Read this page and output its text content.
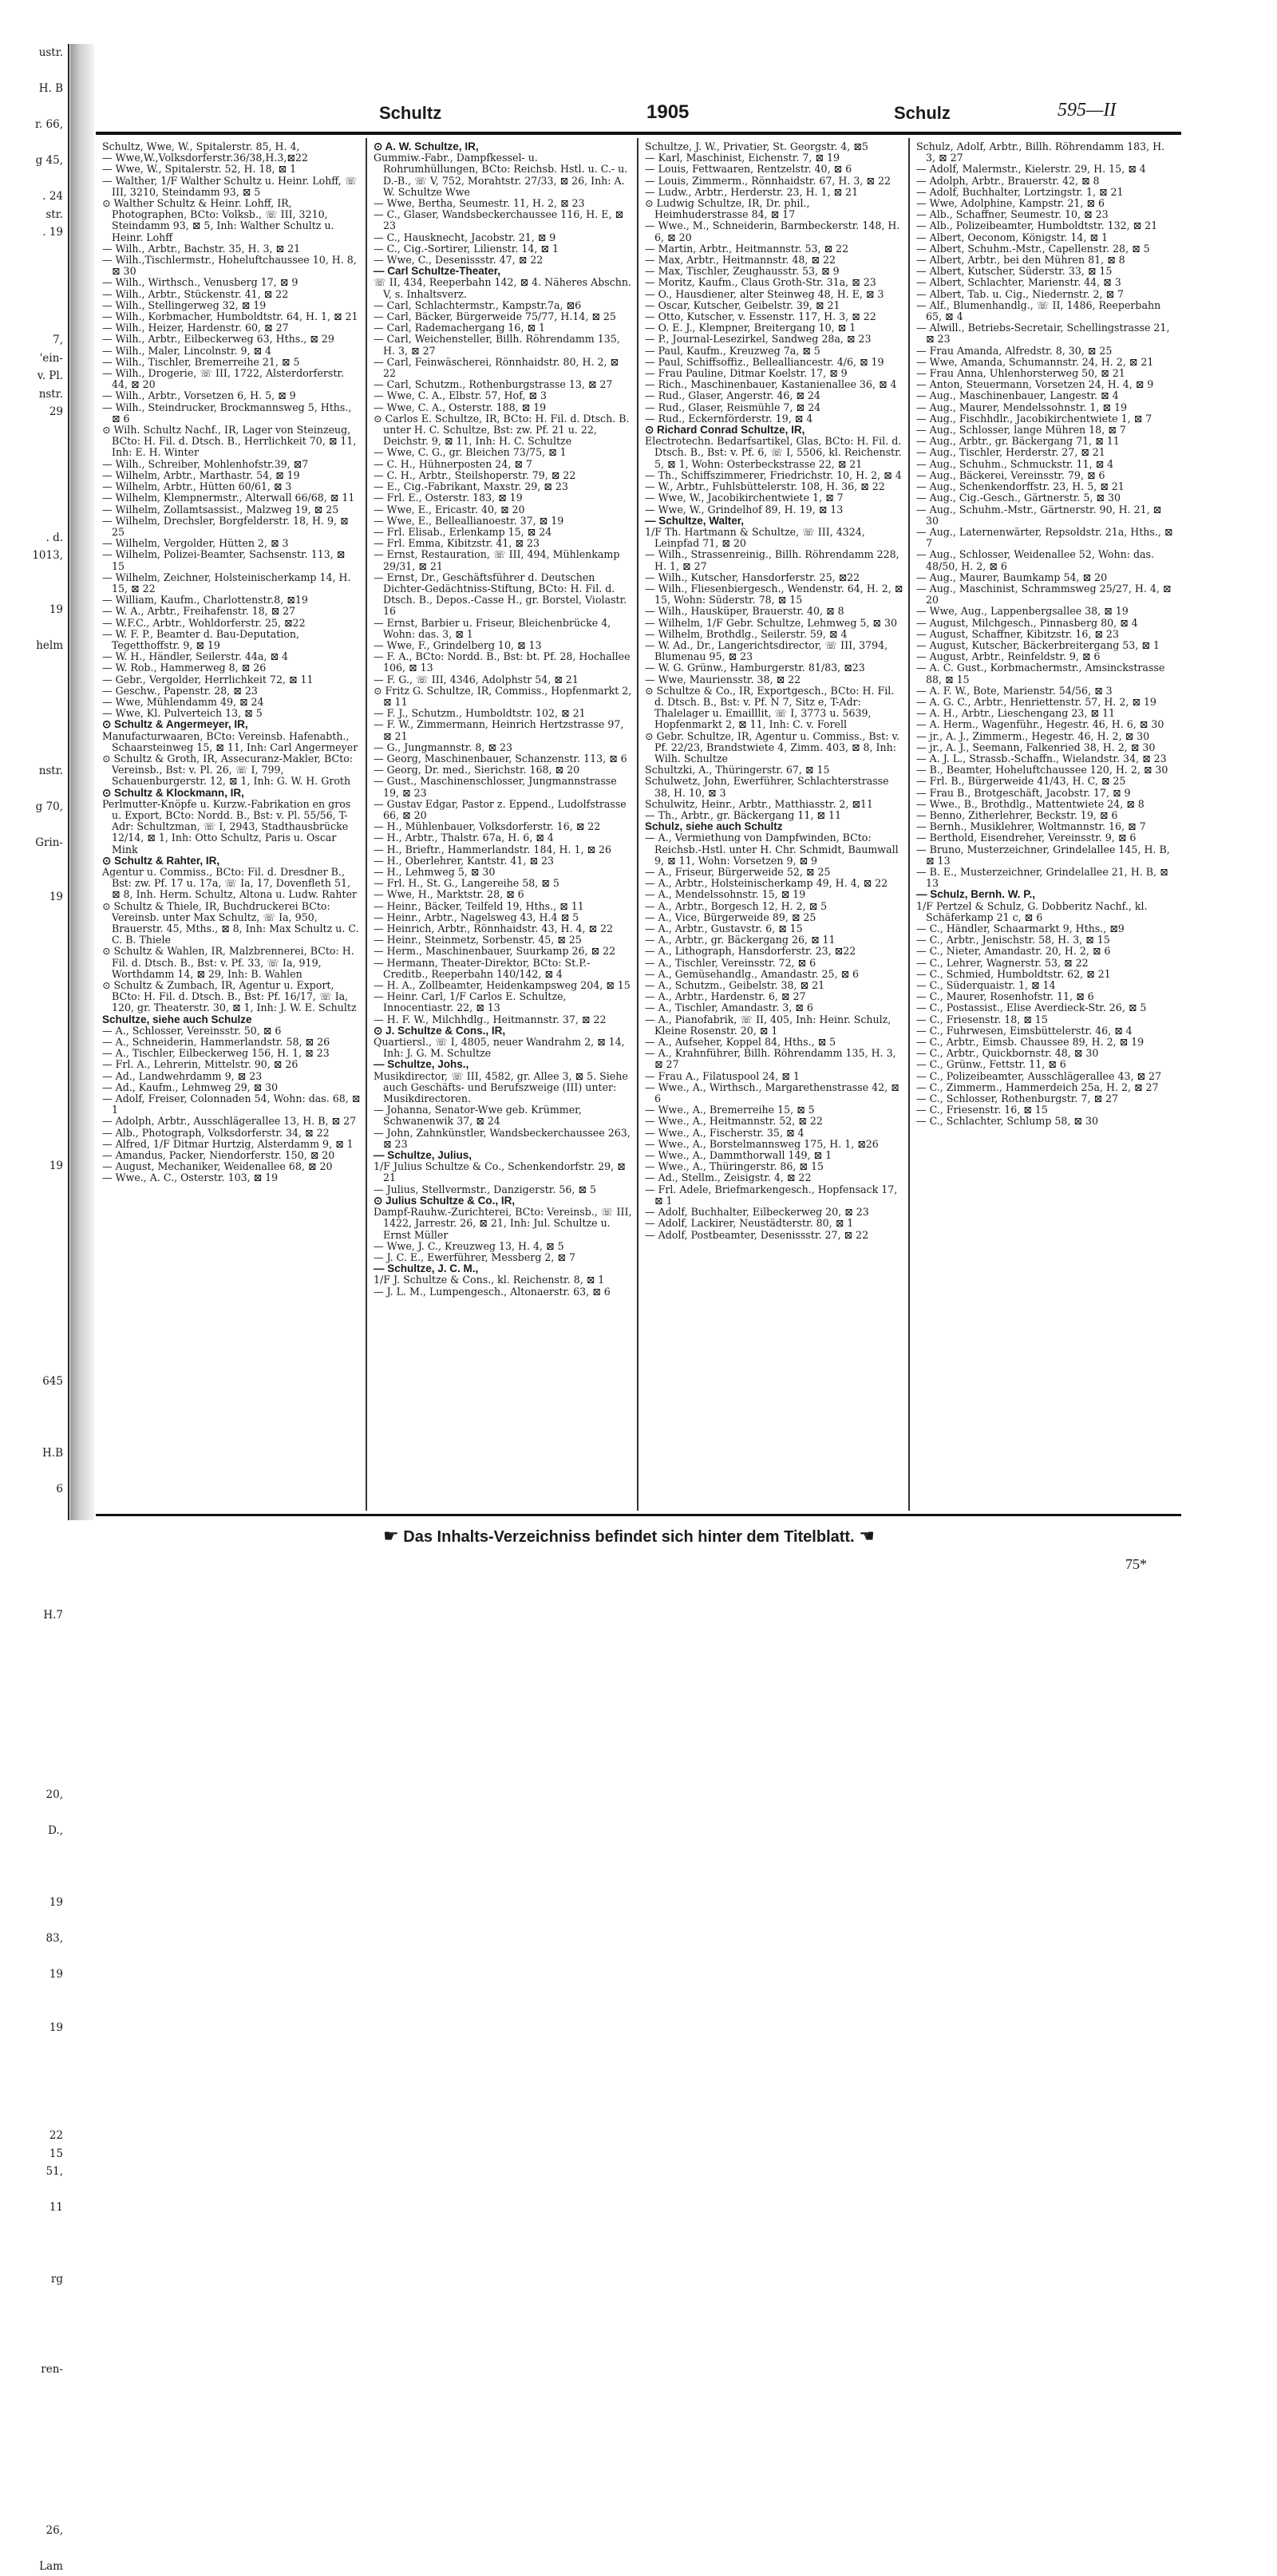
ustr.

H. B

r. 66,

g 45,

. 24
str.
. 19

7,
'ein-
v. Pl.
nstr.
29

. d.
1013,

19

helm

nstr.

g 70,

Grin-

19

19

645

H.B

6

H.7

20,

D.,

19

83,

19

19

22
15
51,

11

rg

ren-

26,

Lam
Schultz	1905	Schulz	595—II

Schultz, Wwe, W., Spitalerstr. 85, H. 4,

— Wwe,W.,Volksdorferstr.36/38,H.3,⊠22

— Wwe, W., Spitalerstr. 52, H. 18, ⊠ 1

— Walther, 1/F Walther Schultz u. Heinr. Lohff, ☏ III, 3210, Steindamm 93, ⊠ 5

⊙ Walther Schultz & Heinr. Lohff, IR, Photographen, BCto: Volksb., ☏ III, 3210, Steindamm 93, ⊠ 5, Inh: Walther Schultz u. Heinr. Lohff

— Wilh., Arbtr., Bachstr. 35, H. 3, ⊠ 21

— Wilh.,Tischlermstr., Hoheluftchaussee 10, H. 8, ⊠ 30

— Wilh., Wirthsch., Venusberg 17, ⊠ 9

— Wilh., Arbtr., Stückenstr. 41, ⊠ 22

— Wilh., Stellingerweg 32, ⊠ 19

— Wilh., Korbmacher, Humboldtstr. 64, H. 1, ⊠ 21

— Wilh., Heizer, Hardenstr. 60, ⊠ 27

— Wilh., Arbtr., Eilbeckerweg 63, Hths., ⊠ 29

— Wilh., Maler, Lincolnstr. 9, ⊠ 4

— Wilh., Tischler, Bremerreihe 21, ⊠ 5

— Wilh., Drogerie, ☏ III, 1722, Alsterdorferstr. 44, ⊠ 20

— Wilh., Arbtr., Vorsetzen 6, H. 5, ⊠ 9

— Wilh., Steindrucker, Brockmannsweg 5, Hths., ⊠ 6

⊙ Wilh. Schultz Nachf., IR, Lager von Steinzeug, BCto: H. Fil. d. Dtsch. B., Herrlichkeit 70, ⊠ 11, Inh: E. H. Winter

— Wilh., Schreiber, Mohlenhofstr.39, ⊠7

— Wilhelm, Arbtr., Marthastr. 54, ⊠ 19

— Wilhelm, Arbtr., Hütten 60/61, ⊠ 3

— Wilhelm, Klempnermstr., Alterwall 66/68, ⊠ 11

— Wilhelm, Zollamtsassist., Malzweg 19, ⊠ 25

— Wilhelm, Drechsler, Borgfelderstr. 18, H. 9, ⊠ 25

— Wilhelm, Vergolder, Hütten 2, ⊠ 3

— Wilhelm, Polizei-Beamter, Sachsenstr. 113, ⊠ 15

— Wilhelm, Zeichner, Holsteinischerkamp 14, H. 15, ⊠ 22

— William, Kaufm., Charlottenstr.8, ⊠19

— W. A., Arbtr., Freihafenstr. 18, ⊠ 27

— W.F.C., Arbtr., Wohldorferstr. 25, ⊠22

— W. F. P., Beamter d. Bau-Deputation, Tegetthoffstr. 9, ⊠ 19

— W. H., Händler, Seilerstr. 44a, ⊠ 4

— W. Rob., Hammerweg 8, ⊠ 26

— Gebr., Vergolder, Herrlichkeit 72, ⊠ 11

— Geschw., Papenstr. 28, ⊠ 23

— Wwe, Mühlendamm 49, ⊠ 24

— Wwe, Kl. Pulverteich 13, ⊠ 5

⊙ Schultz & Angermeyer, IR,

Manufacturwaaren, BCto: Vereinsb. Hafenabth., Schaarsteinweg 15, ⊠ 11, Inh: Carl Angermeyer

⊙ Schultz & Groth, IR, Assecuranz-Makler, BCto: Vereinsb., Bst: v. Pl. 26, ☏ I, 799, Schauenburgerstr. 12, ⊠ 1, Inh: G. W. H. Groth

⊙ Schultz & Klockmann, IR,

Perlmutter-Knöpfe u. Kurzw.-Fabrikation en gros u. Export, BCto: Nordd. B., Bst: v. Pl. 55/56, T-Adr: Schultzman, ☏ I, 2943, Stadthausbrücke 12/14, ⊠ 1, Inh: Otto Schultz, Paris u. Oscar Mink

⊙ Schultz & Rahter, IR,

Agentur u. Commiss., BCto: Fil. d. Dresdner B., Bst: zw. Pf. 17 u. 17a, ☏ Ia, 17, Dovenfleth 51, ⊠ 8, Inh. Herm. Schultz, Altona u. Ludw. Rahter

⊙ Schultz & Thiele, IR, Buchdruckerei BCto: Vereinsb. unter Max Schultz, ☏ Ia, 950, Brauerstr. 45, Mths., ⊠ 8, Inh: Max Schultz u. C. C. B. Thiele

⊙ Schultz & Wahlen, IR, Malzbrennerei, BCto: H. Fil. d. Dtsch. B., Bst: v. Pf. 33, ☏ Ia, 919, Worthdamm 14, ⊠ 29, Inh: B. Wahlen

⊙ Schultz & Zumbach, IR, Agentur u. Export, BCto: H. Fil. d. Dtsch. B., Bst: Pf. 16/17, ☏ Ia, 120, gr. Theaterstr. 30, ⊠ 1, Inh: J. W. E. Schultz

Schultze, siehe auch Schulze

— A., Schlosser, Vereinsstr. 50, ⊠ 6

— A., Schneiderin, Hammerlandstr. 58, ⊠ 26

— A., Tischler, Eilbeckerweg 156, H. 1, ⊠ 23

— Frl. A., Lehrerin, Mittelstr. 90, ⊠ 26

— Ad., Landwehrdamm 9, ⊠ 23

— Ad., Kaufm., Lehmweg 29, ⊠ 30

— Adolf, Freiser, Colonnaden 54, Wohn: das. 68, ⊠ 1

— Adolph, Arbtr., Ausschlägerallee 13, H. B, ⊠ 27

— Alb., Photograph, Volksdorferstr. 34, ⊠ 22

— Alfred, 1/F Ditmar Hurtzig, Alsterdamm 9, ⊠ 1

— Amandus, Packer, Niendorferstr. 150, ⊠ 20

— August, Mechaniker, Weidenallee 68, ⊠ 20

— Wwe., A. C., Osterstr. 103, ⊠ 19

⊙ A. W. Schultze, IR,

Gummiw.-Fabr., Dampfkessel- u. Rohrumhüllungen, BCto: Reichsb. Hstl. u. C.- u. D.-B., ☏ V, 752, Morahtstr. 27/33, ⊠ 26, Inh: A. W. Schultze Wwe

— Wwe, Bertha, Seumestr. 11, H. 2, ⊠ 23

— C., Glaser, Wandsbeckerchaussee 116, H. E, ⊠ 23

— C., Hausknecht, Jacobstr. 21, ⊠ 9

— C., Cig.-Sortirer, Lilienstr. 14, ⊠ 1

— Wwe, C., Desenissstr. 47, ⊠ 22

— Carl Schultze-Theater,

☏ II, 434, Reeperbahn 142, ⊠ 4. Näheres Abschn. V, s. Inhaltsverz.

— Carl, Schlachtermstr., Kampstr.7a, ⊠6

— Carl, Bäcker, Bürgerweide 75/77, H.14, ⊠ 25

— Carl, Rademachergang 16, ⊠ 1

— Carl, Weichensteller, Billh. Röhrendamm 135, H. 3, ⊠ 27

— Carl, Feinwäscherei, Rönnhaidstr. 80, H. 2, ⊠ 22

— Carl, Schutzm., Rothenburgstrasse 13, ⊠ 27

— Wwe, C. A., Elbstr. 57, Hof, ⊠ 3

— Wwe, C. A., Osterstr. 188, ⊠ 19

⊙ Carlos E. Schultze, IR, BCto: H. Fil. d. Dtsch. B. unter H. C. Schultze, Bst: zw. Pf. 21 u. 22, Deichstr. 9, ⊠ 11, Inh: H. C. Schultze

— Wwe, C. G., gr. Bleichen 73/75, ⊠ 1

— C. H., Hühnerposten 24, ⊠ 7

— C. H., Arbtr., Steilshoperstr. 79, ⊠ 22

— E., Cig.-Fabrikant, Maxstr. 29, ⊠ 23

— Frl. E., Osterstr. 183, ⊠ 19

— Wwe, E., Ericastr. 40, ⊠ 20

— Wwe, E., Belleallianoestr. 37, ⊠ 19

— Frl. Elisab., Erlenkamp 15, ⊠ 24

— Frl. Emma, Kibitzstr. 41, ⊠ 23

— Ernst, Restauration, ☏ III, 494, Mühlenkamp 29/31, ⊠ 21

— Ernst, Dr., Geschäftsführer d. Deutschen Dichter-Gedächtniss-Stiftung, BCto: H. Fil. d. Dtsch. B., Depos.-Casse H., gr. Borstel, Violastr. 16

— Ernst, Barbier u. Friseur, Bleichenbrücke 4, Wohn: das. 3, ⊠ 1

— Wwe, F., Grindelberg 10, ⊠ 13

— F. A., BCto: Nordd. B., Bst: bt. Pf. 28, Hochallee 106, ⊠ 13

— F. G., ☏ III, 4346, Adolphstr 54, ⊠ 21

⊙ Fritz G. Schultze, IR, Commiss., Hopfenmarkt 2, ⊠ 11

— F. J., Schutzm., Humboldtstr. 102, ⊠ 21

— F. W., Zimmermann, Heinrich Hertzstrasse 97, ⊠ 21

— G., Jungmannstr. 8, ⊠ 23

— Georg, Maschinenbauer, Schanzenstr. 113, ⊠ 6

— Georg, Dr. med., Sierichstr. 168, ⊠ 20

— Gust., Maschinenschlosser, Jungmannstrasse 19, ⊠ 23

— Gustav Edgar, Pastor z. Eppend., Ludolfstrasse 66, ⊠ 20

— H., Mühlenbauer, Volksdorferstr. 16, ⊠ 22

— H., Arbtr., Thalstr. 67a, H. 6, ⊠ 4

— H., Brieftr., Hammerlandstr. 184, H. 1, ⊠ 26

— H., Oberlehrer, Kantstr. 41, ⊠ 23

— H., Lehmweg 5, ⊠ 30

— Frl. H., St. G., Langereihe 58, ⊠ 5

— Wwe, H., Marktstr. 28, ⊠ 6

— Heinr., Bäcker, Teilfeld 19, Hths., ⊠ 11

— Heinr., Arbtr., Nagelsweg 43, H.4 ⊠ 5

— Heinrich, Arbtr., Rönnhaidstr. 43, H. 4, ⊠ 22

— Heinr., Steinmetz, Sorbenstr. 45, ⊠ 25

— Herm., Maschinenbauer, Suurkamp 26, ⊠ 22

— Hermann, Theater-Direktor, BCto: St.P.-Creditb., Reeperbahn 140/142, ⊠ 4

— H. A., Zollbeamter, Heidenkampsweg 204, ⊠ 15

— Heinr. Carl, 1/F Carlos E. Schultze, Innocentiastr. 22, ⊠ 13

— H. F. W., Milchhdlg., Heitmannstr. 37, ⊠ 22

⊙ J. Schultze & Cons., IR,

Quartiersl., ☏ I, 4805, neuer Wandrahm 2, ⊠ 14, Inh: J. G. M. Schultze

— Schultze, Johs.,

Musikdirector, ☏ III, 4582, gr. Allee 3, ⊠ 5. Siehe auch Geschäfts- und Berufszweige (III) unter: Musikdirectoren.

— Johanna, Senator-Wwe geb. Krümmer, Schwanenwik 37, ⊠ 24

— John, Zahnkünstler, Wandsbeckerchaussee 263, ⊠ 23

— Schultze, Julius,

1/F Julius Schultze & Co., Schenkendorfstr. 29, ⊠ 21

— Julius, Stellvermstr., Danzigerstr. 56, ⊠ 5

⊙ Julius Schultze & Co., IR,

Dampf-Rauhw.-Zurichterei, BCto: Vereinsb., ☏ III, 1422, Jarrestr. 26, ⊠ 21, Inh: Jul. Schultze u. Ernst Müller

— Wwe, J. C., Kreuzweg 13, H. 4, ⊠ 5

— J. C. E., Ewerführer, Messberg 2, ⊠ 7

— Schultze, J. C. M.,

1/F J. Schultze & Cons., kl. Reichenstr. 8, ⊠ 1

— J. L. M., Lumpengesch., Altonaerstr. 63, ⊠ 6

Schultze, J. W., Privatier, St. Georgstr. 4, ⊠5

— Karl, Maschinist, Eichenstr. 7, ⊠ 19

— Louis, Fettwaaren, Rentzelstr. 40, ⊠ 6

— Louis, Zimmerm., Rönnhaidstr. 67, H. 3, ⊠ 22

— Ludw., Arbtr., Herderstr. 23, H. 1, ⊠ 21

⊙ Ludwig Schultze, IR, Dr. phil., Heimhuderstrasse 84, ⊠ 17

— Wwe., M., Schneiderin, Barmbeckerstr. 148, H. 6, ⊠ 20

— Martin, Arbtr., Heitmannstr. 53, ⊠ 22

— Max, Arbtr., Heitmannstr. 48, ⊠ 22

— Max, Tischler, Zeughausstr. 53, ⊠ 9

— Moritz, Kaufm., Claus Groth-Str. 31a, ⊠ 23

— O., Hausdiener, alter Steinweg 48, H. E, ⊠ 3

— Oscar, Kutscher, Geibelstr. 39, ⊠ 21

— Otto, Kutscher, v. Essenstr. 117, H. 3, ⊠ 22

— O. E. J., Klempner, Breitergang 10, ⊠ 1

— P., Journal-Lesezirkel, Sandweg 28a, ⊠ 23

— Paul, Kaufm., Kreuzweg 7a, ⊠ 5

— Paul, Schiffsoffiz., Bellealliancestr. 4/6, ⊠ 19

— Frau Pauline, Ditmar Koelstr. 17, ⊠ 9

— Rich., Maschinenbauer, Kastanienallee 36, ⊠ 4

— Rud., Glaser, Angerstr. 46, ⊠ 24

— Rud., Glaser, Reismühle 7, ⊠ 24

— Rud., Eckernförderstr. 19, ⊠ 4

⊙ Richard Conrad Schultze, IR,

Electrotechn. Bedarfsartikel, Glas, BCto: H. Fil. d. Dtsch. B., Bst: v. Pf. 6, ☏ I, 5506, kl. Reichenstr. 5, ⊠ 1, Wohn: Osterbeckstrasse 22, ⊠ 21

— Th., Schiffszimmerer, Friedrichstr. 10, H. 2, ⊠ 4

— W., Arbtr., Fuhlsbüttelerstr. 108, H. 36, ⊠ 22

— Wwe, W., Jacobikirchentwiete 1, ⊠ 7

— Wwe, W., Grindelhof 89, H. 19, ⊠ 13

— Schultze, Walter,

1/F Th. Hartmann & Schultze, ☏ III, 4324, Leinpfad 71, ⊠ 20

— Wilh., Strassenreinig., Billh. Röhrendamm 228, H. 1, ⊠ 27

— Wilh., Kutscher, Hansdorferstr. 25, ⊠22

— Wilh., Fliesenbiergesch., Wendenstr. 64, H. 2, ⊠ 15, Wohn: Süderstr. 78, ⊠ 15

— Wilh., Hausküper, Brauerstr. 40, ⊠ 8

— Wilhelm, 1/F Gebr. Schultze, Lehmweg 5, ⊠ 30

— Wilhelm, Brothdlg., Seilerstr. 59, ⊠ 4

— W. Ad., Dr., Langerichtsdirector, ☏ III, 3794, Blumenau 95, ⊠ 23

— W. G. Grünw., Hamburgerstr. 81/83, ⊠23

— Wwe, Mauriensstr. 38, ⊠ 22

⊙ Schultze & Co., IR, Exportgesch., BCto: H. Fil. d. Dtsch. B., Bst: v. Pf. N 7, Sitz e, T-Adr: Thalelager u. Emailllit, ☏ I, 3773 u. 5639, Hopfenmarkt 2, ⊠ 11, Inh: C. v. Forell

⊙ Gebr. Schultze, IR, Agentur u. Commiss., Bst: v. Pf. 22/23, Brandstwiete 4, Zimm. 403, ⊠ 8, Inh: Wilh. Schultze

Schultzki, A., Thüringerstr. 67, ⊠ 15

Schulwetz, John, Ewerführer, Schlachterstrasse 38, H. 10, ⊠ 3

Schulwitz, Heinr., Arbtr., Matthiasstr. 2, ⊠11

— Th., Arbtr., gr. Bäckergang 11, ⊠ 11

Schulz, siehe auch Schultz

— A., Vermiethung von Dampfwinden, BCto: Reichsb.-Hstl. unter H. Chr. Schmidt, Baumwall 9, ⊠ 11, Wohn: Vorsetzen 9, ⊠ 9

— A., Friseur, Bürgerweide 52, ⊠ 25

— A., Arbtr., Holsteinischerkamp 49, H. 4, ⊠ 22

— A., Mendelssohnstr. 15, ⊠ 19

— A., Arbtr., Borgesch 12, H. 2, ⊠ 5

— A., Vice, Bürgerweide 89, ⊠ 25

— A., Arbtr., Gustavstr. 6, ⊠ 15

— A., Arbtr., gr. Bäckergang 26, ⊠ 11

— A., Lithograph, Hansdorferstr. 23, ⊠22

— A., Tischler, Vereinsstr. 72, ⊠ 6

— A., Gemüsehandlg., Amandastr. 25, ⊠ 6

— A., Schutzm., Geibelstr. 38, ⊠ 21

— A., Arbtr., Hardenstr. 6, ⊠ 27

— A., Tischler, Amandastr. 3, ⊠ 6

— A., Pianofabrik, ☏ II, 405, Inh: Heinr. Schulz, Kleine Rosenstr. 20, ⊠ 1

— A., Aufseher, Koppel 84, Hths., ⊠ 5

— A., Krahnführer, Billh. Röhrendamm 135, H. 3, ⊠ 27

— Frau A., Filatuspool 24, ⊠ 1

— Wwe., A., Wirthsch., Margarethenstrasse 42, ⊠ 6

— Wwe., A., Bremerreihe 15, ⊠ 5

— Wwe., A., Heitmannstr. 52, ⊠ 22

— Wwe., A., Fischerstr. 35, ⊠ 4

— Wwe., A., Borstelmannsweg 175, H. 1, ⊠26

— Wwe., A., Dammthorwall 149, ⊠ 1

— Wwe., A., Thüringerstr. 86, ⊠ 15

— Ad., Stellm., Zeisigstr. 4, ⊠ 22

— Frl. Adele, Briefmarkengesch., Hopfensack 17, ⊠ 1

— Adolf, Buchhalter, Eilbeckerweg 20, ⊠ 23

— Adolf, Lackirer, Neustädterstr. 80, ⊠ 1

— Adolf, Postbeamter, Desenissstr. 27, ⊠ 22

Schulz, Adolf, Arbtr., Billh. Röhrendamm 183, H. 3, ⊠ 27

— Adolf, Malermstr., Kielerstr. 29, H. 15, ⊠ 4

— Adolph, Arbtr., Brauerstr. 42, ⊠ 8

— Adolf, Buchhalter, Lortzingstr. 1, ⊠ 21

— Wwe, Adolphine, Kampstr. 21, ⊠ 6

— Alb., Schaffner, Seumestr. 10, ⊠ 23

— Alb., Polizeibeamter, Humboldtstr. 132, ⊠ 21

— Albert, Oeconom, Königstr. 14, ⊠ 1

— Albert, Schuhm.-Mstr., Capellenstr. 28, ⊠ 5

— Albert, Arbtr., bei den Mühren 81, ⊠ 8

— Albert, Kutscher, Süderstr. 33, ⊠ 15

— Albert, Schlachter, Marienstr. 44, ⊠ 3

— Albert, Tab. u. Cig., Niedernstr. 2, ⊠ 7

— Alf., Blumenhandlg., ☏ II, 1486, Reeperbahn 65, ⊠ 4

— Alwill., Betriebs-Secretair, Schellingstrasse 21, ⊠ 23

— Frau Amanda, Alfredstr. 8, 30, ⊠ 25

— Wwe, Amanda, Schumannstr. 24, H. 2, ⊠ 21

— Frau Anna, Uhlenhorsterweg 50, ⊠ 21

— Anton, Steuermann, Vorsetzen 24, H. 4, ⊠ 9

— Aug., Maschinenbauer, Langestr. ⊠ 4

— Aug., Maurer, Mendelssohnstr. 1, ⊠ 19

— Aug., Fischhdlr., Jacobikirchentwiete 1, ⊠ 7

— Aug., Schlosser, lange Mühren 18, ⊠ 7

— Aug., Arbtr., gr. Bäckergang 71, ⊠ 11

— Aug., Tischler, Herderstr. 27, ⊠ 21

— Aug., Schuhm., Schmuckstr. 11, ⊠ 4

— Aug., Bäckerei, Vereinsstr. 79, ⊠ 6

— Aug., Schenkendorffstr. 23, H. 5, ⊠ 21

— Aug., Cig.-Gesch., Gärtnerstr. 5, ⊠ 30

— Aug., Schuhm.-Mstr., Gärtnerstr. 90, H. 21, ⊠ 30

— Aug., Laternenwärter, Repsoldstr. 21a, Hths., ⊠ 7

— Aug., Schlosser, Weidenallee 52, Wohn: das. 48/50, H. 2, ⊠ 6

— Aug., Maurer, Baumkamp 54, ⊠ 20

— Aug., Maschinist, Schrammsweg 25/27, H. 4, ⊠ 20

— Wwe, Aug., Lappenbergsallee 38, ⊠ 19

— August, Milchgesch., Pinnasberg 80, ⊠ 4

— August, Schaffner, Kibitzstr. 16, ⊠ 23

— August, Kutscher, Bäckerbreitergang 53, ⊠ 1

— August, Arbtr., Reinfeldstr. 9, ⊠ 6

— A. C. Gust., Korbmachermstr., Amsinckstrasse 88, ⊠ 15

— A. F. W., Bote, Marienstr. 54/56, ⊠ 3

— A. G. C., Arbtr., Henriettenstr. 57, H. 2, ⊠ 19

— A. H., Arbtr., Lieschengang 23, ⊠ 11

— A. Herm., Wagenführ., Hegestr. 46, H. 6, ⊠ 30

— jr., A. J., Zimmerm., Hegestr. 46, H. 2, ⊠ 30

— jr., A. J., Seemann, Falkenried 38, H. 2, ⊠ 30

— A. J. L., Strassb.-Schaffn., Wielandstr. 34, ⊠ 23

— B., Beamter, Hoheluftchaussee 120, H. 2, ⊠ 30

— Frl. B., Bürgerweide 41/43, H. C, ⊠ 25

— Frau B., Brotgeschäft, Jacobstr. 17, ⊠ 9

— Wwe., B., Brothdlg., Mattentwiete 24, ⊠ 8

— Benno, Zitherlehrer, Beckstr. 19, ⊠ 6

— Bernh., Musiklehrer, Woltmannstr. 16, ⊠ 7

— Berthold, Eisendreher, Vereinsstr. 9, ⊠ 6

— Bruno, Musterzeichner, Grindelallee 145, H. B, ⊠ 13

— B. E., Musterzeichner, Grindelallee 21, H. B, ⊠ 13

— Schulz, Bernh. W. P.,

1/F Pertzel & Schulz, G. Dobberitz Nachf., kl. Schäferkamp 21 c, ⊠ 6

— C., Händler, Schaarmarkt 9, Hths., ⊠9

— C., Arbtr., Jenischstr. 58, H. 3, ⊠ 15

— C., Nieter, Amandastr. 20, H. 2, ⊠ 6

— C., Lehrer, Wagnerstr. 53, ⊠ 22

— C., Schmied, Humboldtstr. 62, ⊠ 21

— C., Süderquaistr. 1, ⊠ 14

— C., Maurer, Rosenhofstr. 11, ⊠ 6

— C., Postassist., Elise Averdieck-Str. 26, ⊠ 5

— C., Friesenstr. 18, ⊠ 15

— C., Fuhrwesen, Eimsbüttelerstr. 46, ⊠ 4

— C., Arbtr., Eimsb. Chaussee 89, H. 2, ⊠ 19

— C., Arbtr., Quickbornstr. 48, ⊠ 30

— C., Grünw., Fettstr. 11, ⊠ 6

— C., Polizeibeamter, Ausschlägerallee 43, ⊠ 27

— C., Zimmerm., Hammerdeich 25a, H. 2, ⊠ 27

— C., Schlosser, Rothenburgstr. 7, ⊠ 27

— C., Friesenstr. 16, ⊠ 15

— C., Schlachter, Schlump 58, ⊠ 30

☛ Das Inhalts-Verzeichniss befindet sich hinter dem Titelblatt. ☚
75*
